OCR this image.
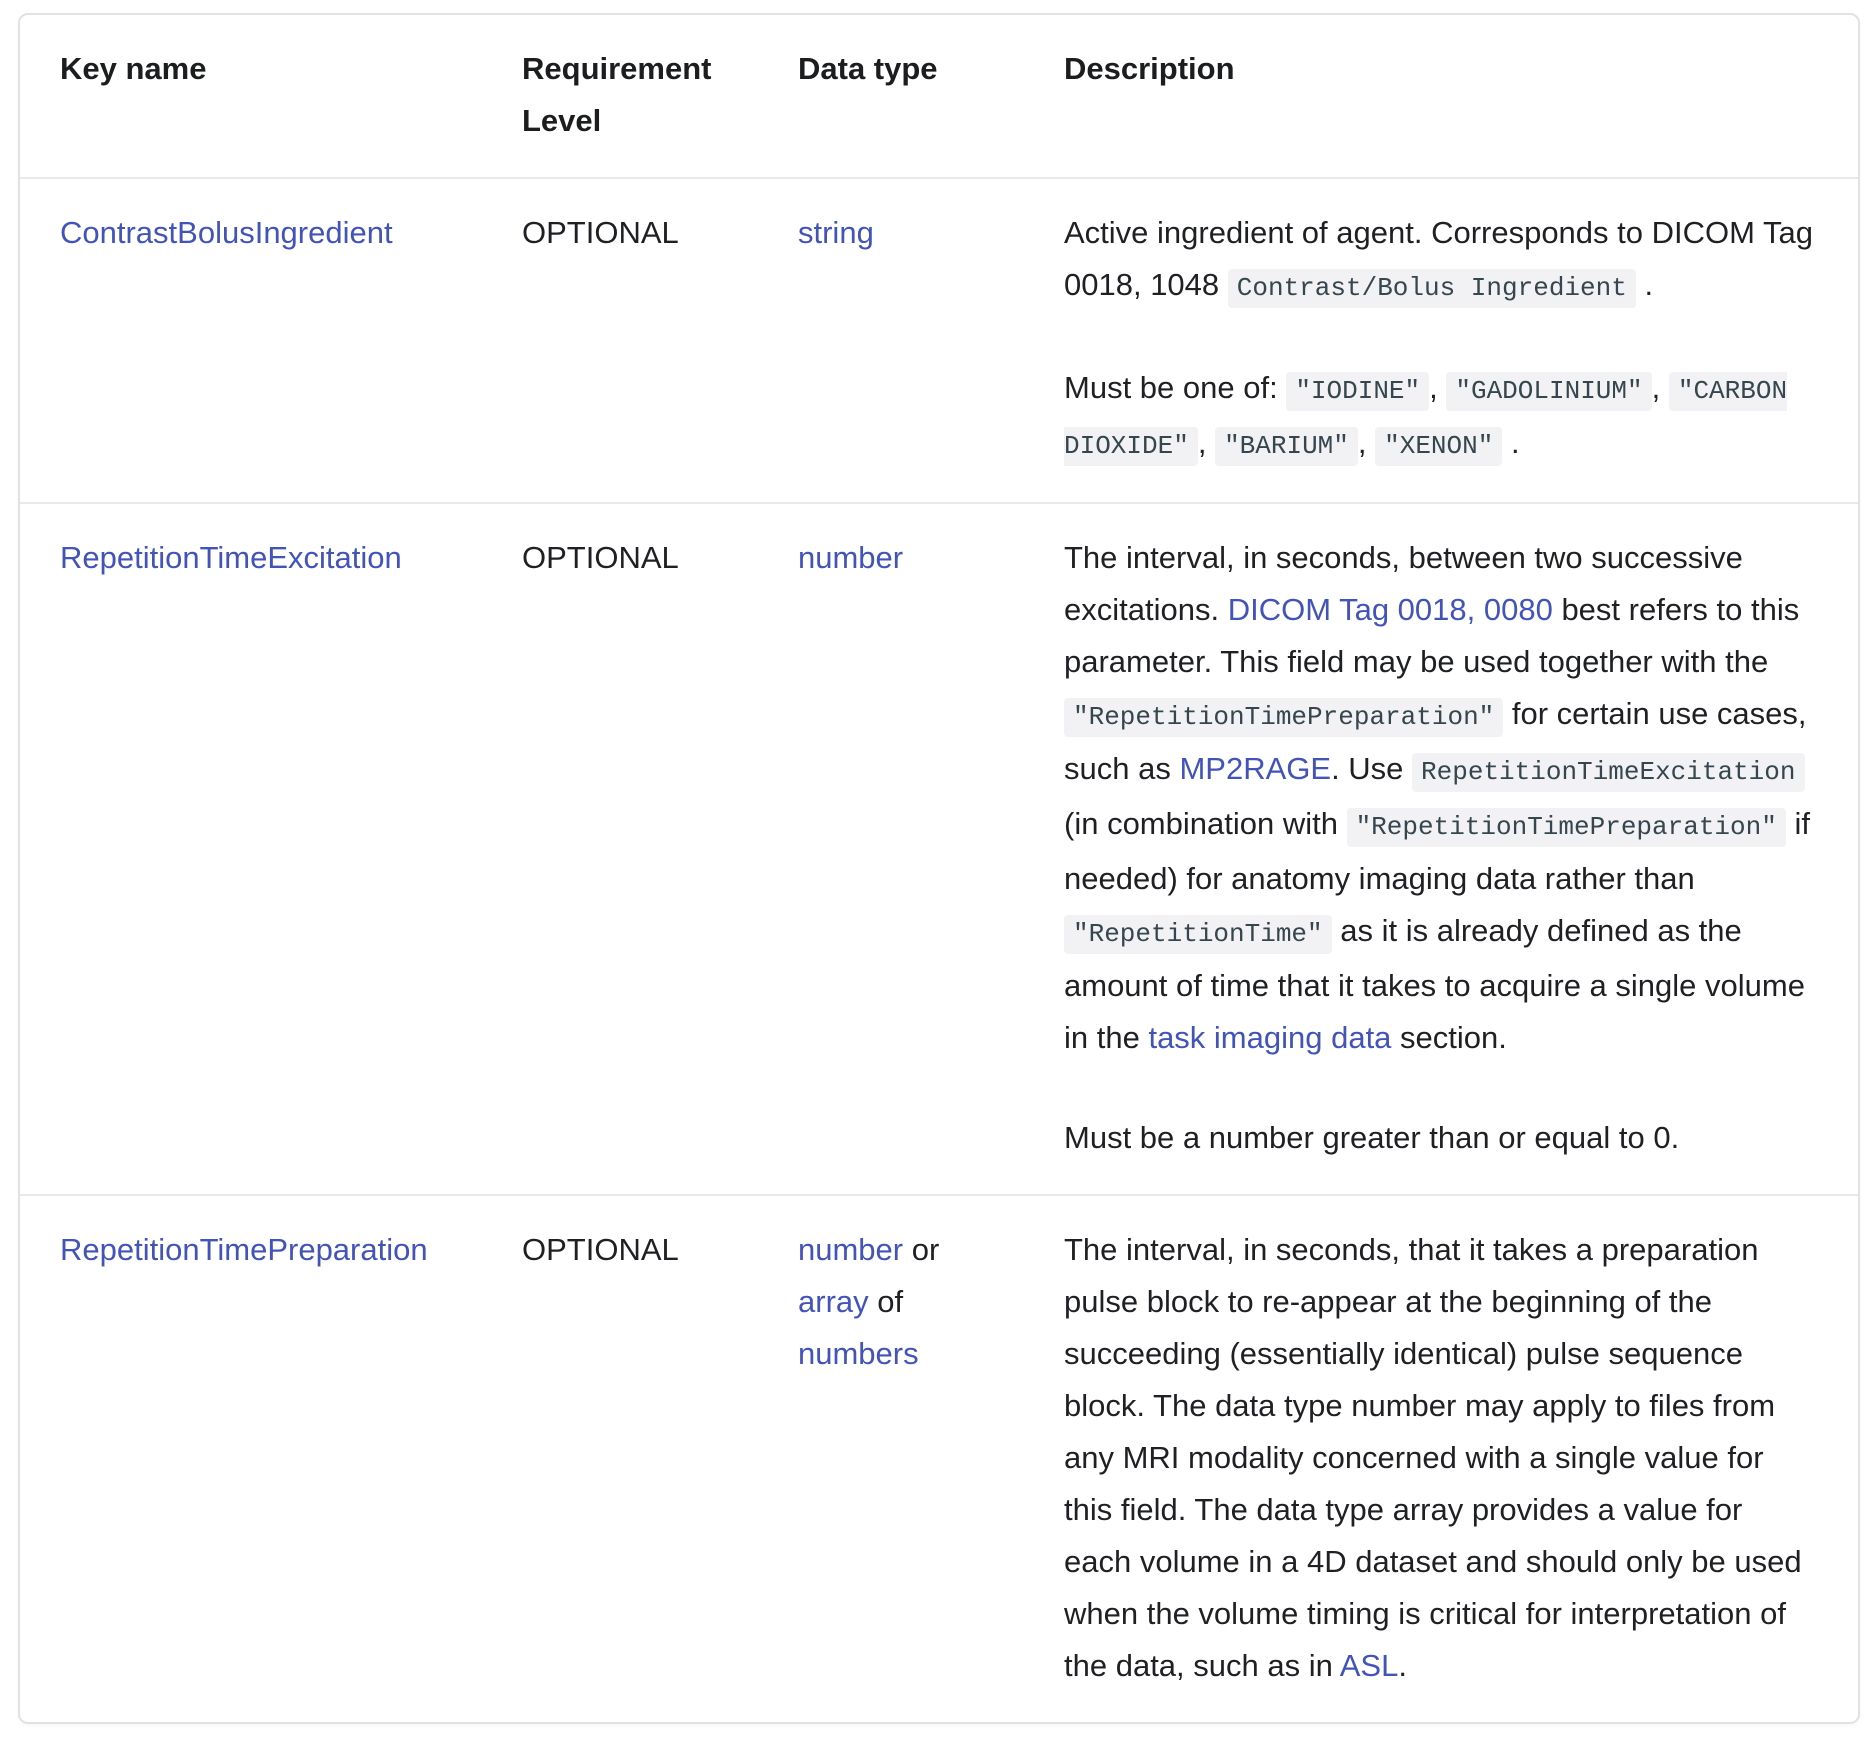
Key name	Requirement Level	Data type	Description
ContrastBolusIngredient	OPTIONAL	string	Active ingredient of agent. Corresponds to DICOM Tag 0018, 1048 Contrast/Bolus Ingredient .

Must be one of: "IODINE" , "GADOLINIUM" , "CARBON DIOXIDE" , "BARIUM" , "XENON" .

RepetitionTimeExcitation	OPTIONAL	number	The interval, in seconds, between two successive excitations. DICOM Tag 0018, 0080 best refers to this parameter. This field may be used together with the "RepetitionTimePreparation" for certain use cases, such as MP2RAGE. Use RepetitionTimeExcitation (in combination with "RepetitionTimePreparation" if needed) for anatomy imaging data rather than "RepetitionTime" as it is already defined as the amount of time that it takes to acquire a single volume in the task imaging data section.

Must be a number greater than or equal to 0.

RepetitionTimePreparation	OPTIONAL	number or array of numbers	The interval, in seconds, that it takes a preparation pulse block to re-appear at the beginning of the succeeding (essentially identical) pulse sequence block. The data type number may apply to files from any MRI modality concerned with a single value for this field. The data type array provides a value for each volume in a 4D dataset and should only be used when the volume timing is critical for interpretation of the data, such as in ASL.
